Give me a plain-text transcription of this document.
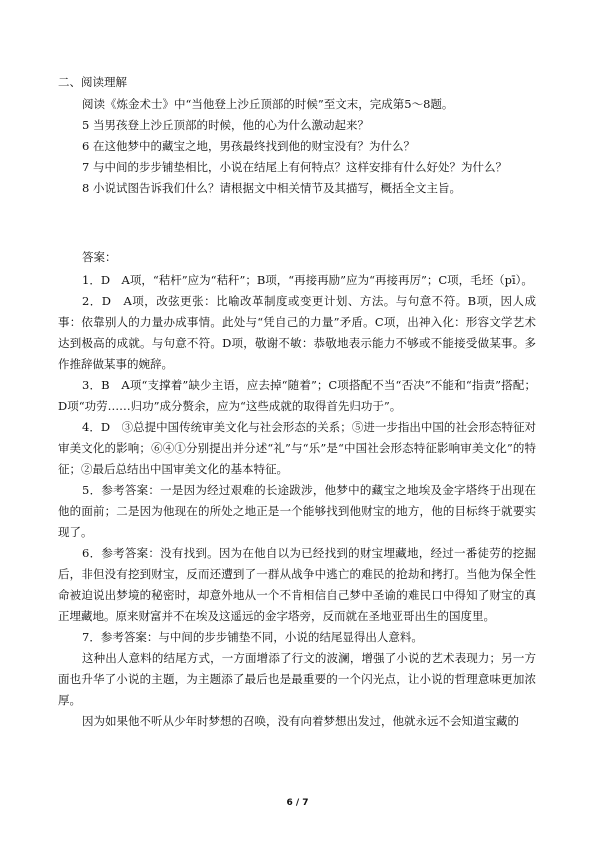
二、阅读理解

阅读《炼金术士》中“当他登上沙丘顶部的时候”至文末，完成第5～8题。

5 当男孩登上沙丘顶部的时候，他的心为什么激动起来？

6 在这他梦中的藏宝之地，男孩最终找到他的财宝没有？为什么？

7 与中间的步步铺垫相比，小说在结尾上有何特点？这样安排有什么好处？为什么？

8 小说试图告诉我们什么？请根据文中相关情节及其描写，概括全文主旨。

答案：

1．D　A项，“秸杆”应为“秸秆”；B项，“再接再励”应为“再接再厉”；C项，毛坯（pī）。

2．D　A项，改弦更张：比喻改革制度或变更计划、方法。与句意不符。B项，因人成事：依靠别人的力量办成事情。此处与“凭自己的力量”矛盾。C项，出神入化：形容文学艺术达到极高的成就。与句意不符。D项，敬谢不敏：恭敬地表示能力不够或不能接受做某事。多作推辞做某事的婉辞。

3．B　A项“支撑着”缺少主语，应去掉“随着”；C项搭配不当“否决”不能和“指责”搭配；D项“功劳……归功”成分赘余，应为“这些成就的取得首先归功于”。

4．D　③总提中国传统审美文化与社会形态的关系；⑤进一步指出中国的社会形态特征对审美文化的影响；⑥④①分别提出并分述“礼”与“乐”是“中国社会形态特征影响审美文化”的特征；②最后总结出中国审美文化的基本特征。

5．参考答案：一是因为经过艰难的长途跋涉，他梦中的藏宝之地埃及金字塔终于出现在他的面前；二是因为他现在的所处之地正是一个能够找到他财宝的地方，他的目标终于就要实现了。

6．参考答案：没有找到。因为在他自以为已经找到的财宝埋藏地，经过一番徒劳的挖掘后，非但没有挖到财宝，反而还遭到了一群从战争中逃亡的难民的抢劫和拷打。当他为保全性命被迫说出梦境的秘密时，却意外地从一个不肯相信自己梦中圣谕的难民口中得知了财宝的真正埋藏地。原来财富并不在埃及这遥远的金字塔旁，反而就在圣地亚哥出生的国度里。

7．参考答案：与中间的步步铺垫不同，小说的结尾显得出人意料。

这种出人意料的结尾方式，一方面增添了行文的波澜，增强了小说的艺术表现力；另一方面也升华了小说的主题，为主题添了最后也是最重要的一个闪光点，让小说的哲理意味更加浓厚。

因为如果他不听从少年时梦想的召唤，没有向着梦想出发过，他就永远不会知道宝藏的

6 / 7
